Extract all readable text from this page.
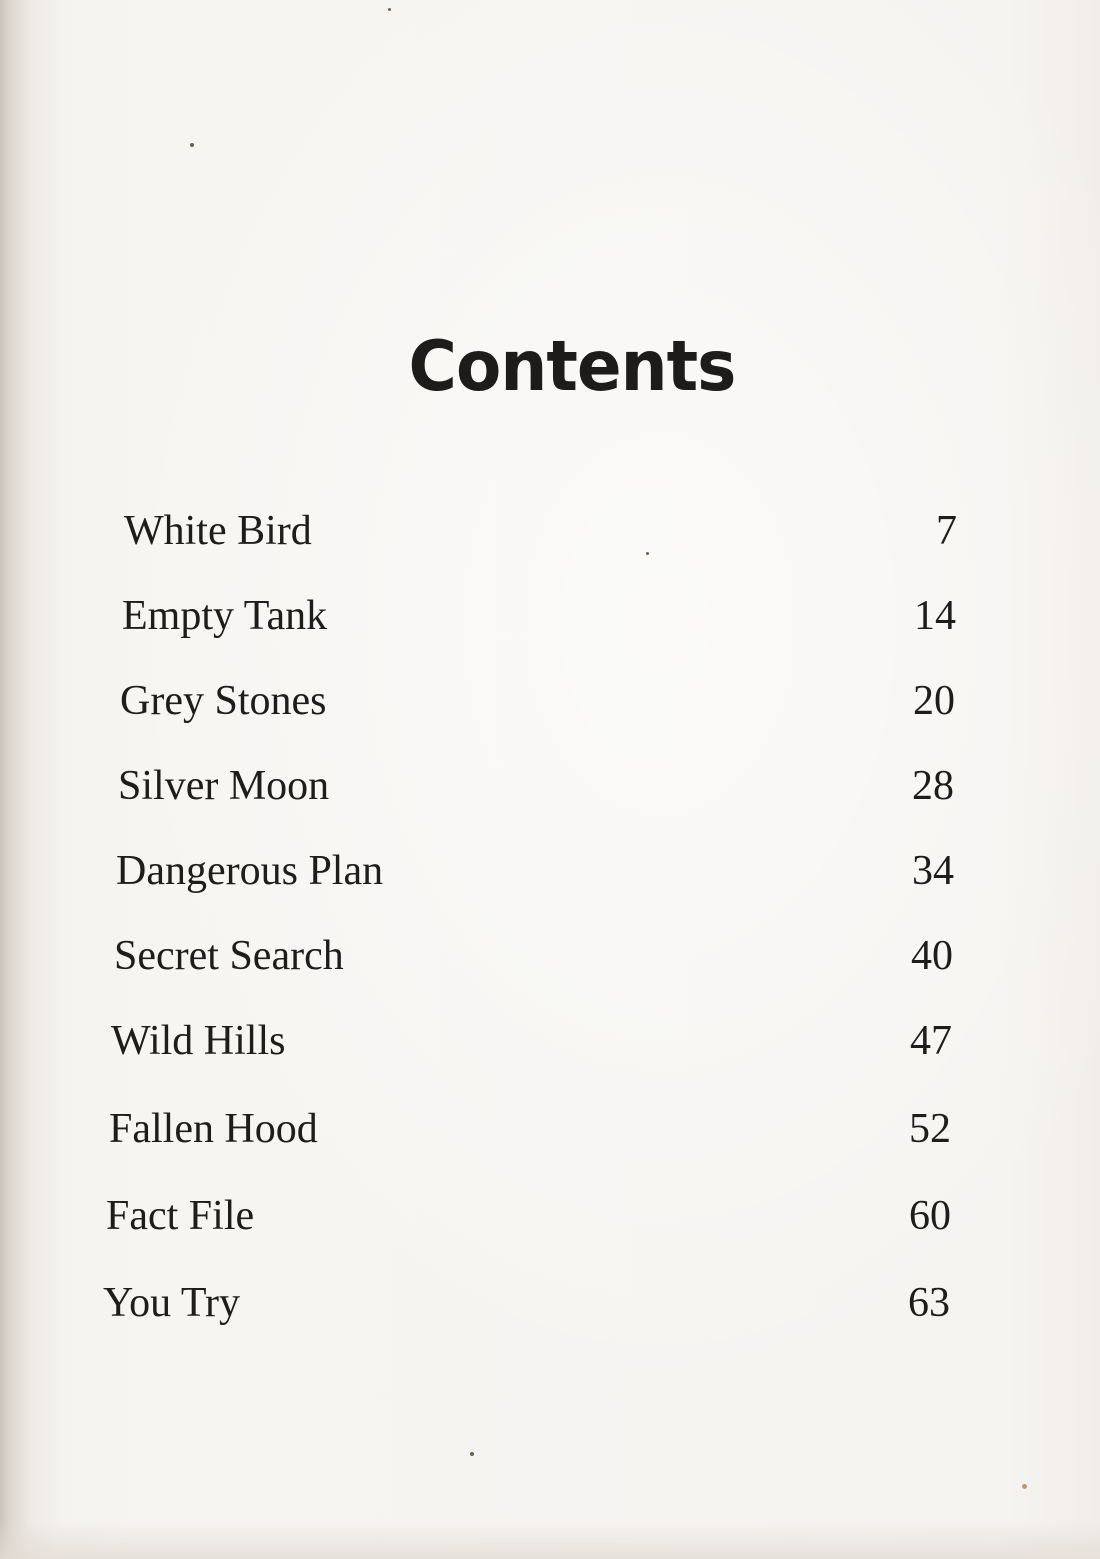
Contents
White Bird	7
Empty Tank	14
Grey Stones	20
Silver Moon	28
Dangerous Plan	34
Secret Search	40
Wild Hills	47
Fallen Hood	52
Fact File	60
You Try	63
